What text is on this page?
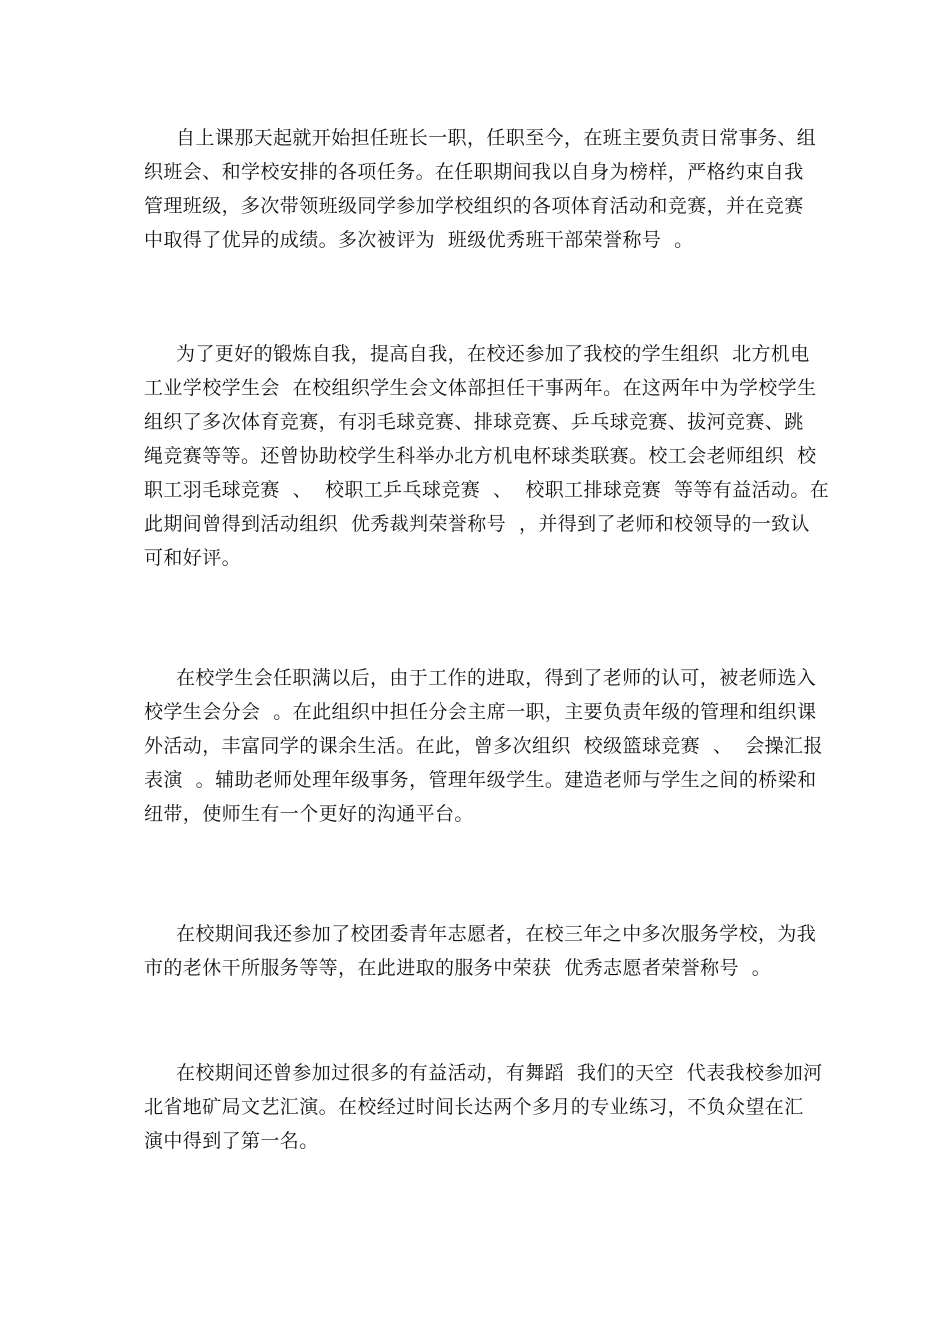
自上课那天起就开始担任班长一职，任职至今，在班主要负责日常事务、组
织班会、和学校安排的各项任务。在任职期间我以自身为榜样，严格约束自我
管理班级，多次带领班级同学参加学校组织的各项体育活动和竞赛，并在竞赛
中取得了优异的成绩。多次被评为  班级优秀班干部荣誉称号  。
为了更好的锻炼自我，提高自我，在校还参加了我校的学生组织  北方机电
工业学校学生会  在校组织学生会文体部担任干事两年。在这两年中为学校学生
组织了多次体育竞赛，有羽毛球竞赛、排球竞赛、乒乓球竞赛、拔河竞赛、跳
绳竞赛等等。还曾协助校学生科举办北方机电杯球类联赛。校工会老师组织  校
职工羽毛球竞赛  、  校职工乒乓球竞赛  、  校职工排球竞赛  等等有益活动。在
此期间曾得到活动组织  优秀裁判荣誉称号  ，并得到了老师和校领导的一致认
可和好评。
在校学生会任职满以后，由于工作的进取，得到了老师的认可，被老师选入
校学生会分会  。在此组织中担任分会主席一职，主要负责年级的管理和组织课
外活动，丰富同学的课余生活。在此，曾多次组织  校级篮球竞赛  、  会操汇报
表演  。辅助老师处理年级事务，管理年级学生。建造老师与学生之间的桥梁和
纽带，使师生有一个更好的沟通平台。
在校期间我还参加了校团委青年志愿者，在校三年之中多次服务学校，为我
市的老休干所服务等等，在此进取的服务中荣获  优秀志愿者荣誉称号  。
在校期间还曾参加过很多的有益活动，有舞蹈  我们的天空  代表我校参加河
北省地矿局文艺汇演。在校经过时间长达两个多月的专业练习，不负众望在汇
演中得到了第一名。
